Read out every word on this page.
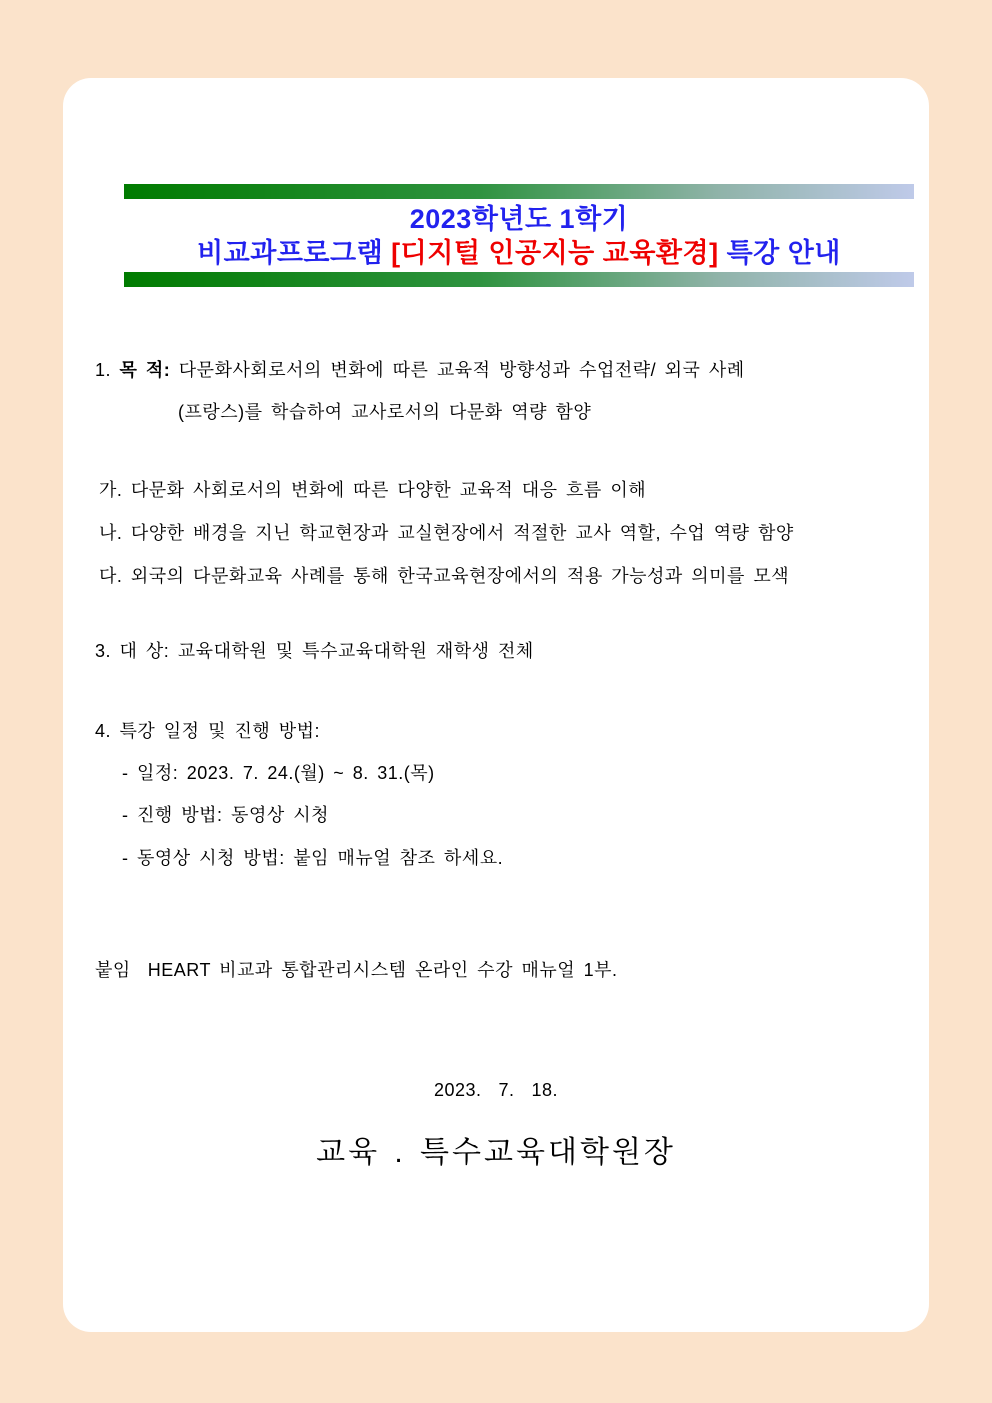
2023학년도 1학기
비교과프로그램 [디지털 인공지능 교육환경] 특강 안내
1. 목 적: 다문화사회로서의 변화에 따른 교육적 방향성과 수업전략/ 외국 사례
(프랑스)를 학습하여 교사로서의 다문화 역량 함양
가. 다문화 사회로서의 변화에 따른 다양한 교육적 대응 흐름 이해
나. 다양한 배경을 지닌 학교현장과 교실현장에서 적절한 교사 역할, 수업 역량 함양
다. 외국의 다문화교육 사례를 통해 한국교육현장에서의 적용 가능성과 의미를 모색
3. 대 상: 교육대학원 및 특수교육대학원 재학생 전체
4. 특강 일정 및 진행 방법:
- 일정: 2023. 7. 24.(월) ~ 8. 31.(목)
- 진행 방법: 동영상 시청
- 동영상 시청 방법: 붙임 매뉴얼 참조 하세요.
붙임  HEART 비교과 통합관리시스템 온라인 수강 매뉴얼 1부.
2023.  7.  18.
교육 . 특수교육대학원장
